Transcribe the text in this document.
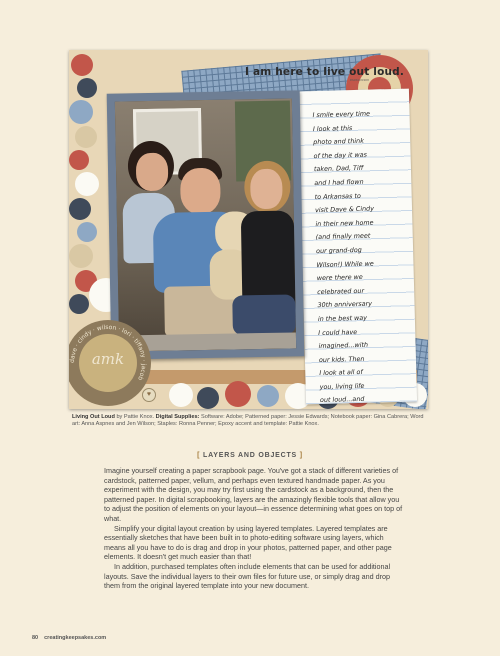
I am here to live out loud.
PARKA KNOX
I smile every time
I look at this
photo and think
of the day it was
taken. Dad, Tiff
and I had flown
to Arkansas to
visit Dave & Cindy
in their new home
(and finally meet
our grand-dog
Wilson!) While we
were there we
celebrated our
30th anniversary
in the best way
I could have
imagined...with
our kids. Then
I look at all of
you, living life
out loud...and

dave · cindy · wilson · lori · tiffany · jacob
amk
♥
Living Out Loud by Pattie Knox. Digital Supplies: Software: Adobe; Patterned paper: Jessie Edwards; Notebook paper: Gina Cabrera; Word art: Anna Aspnes and Jen Wilson; Staples: Ronna Penner; Epoxy accent and template: Pattie Knox.
[ LAYERS AND OBJECTS ]

Imagine yourself creating a paper scrapbook page. You've got a stack of different varieties of cardstock, patterned paper, vellum, and perhaps even textured handmade paper. As you experiment with the design, you may try first using the cardstock as a background, then the patterned paper. In digital scrapbooking, layers are the amazingly flexible tools that allow you to adjust the position of elements on your layout—in essence determining what goes on top of what.

Simplify your digital layout creation by using layered templates. Layered templates are essentially sketches that have been built in to photo-editing software using layers, which means all you have to do is drag and drop in your photos, patterned paper, and other page elements. It doesn't get much easier than that!

In addition, purchased templates often include elements that can be used for additional layouts. Save the individual layers to their own files for future use, or simply drag and drop them from the original layered template into your new document.

80 creatingkeepsakes.com
